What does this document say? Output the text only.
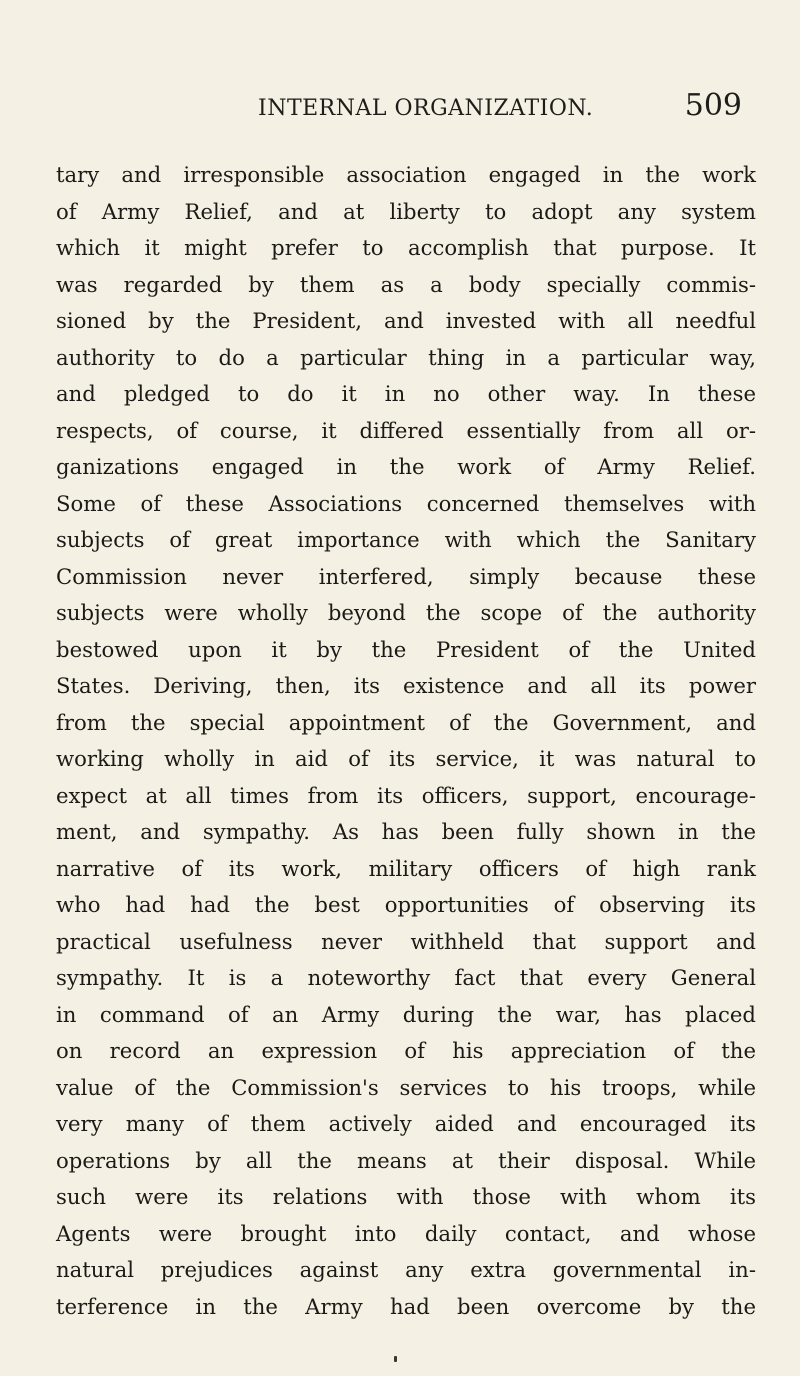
INTERNAL ORGANIZATION.	509
tary and irresponsible association engaged in the work
of Army Relief, and at liberty to adopt any system
which it might prefer to accomplish that purpose. It
was regarded by them as a body specially commis-
sioned by the President, and invested with all needful
authority to do a particular thing in a particular way,
and pledged to do it in no other way. In these
respects, of course, it differed essentially from all or-
ganizations engaged in the work of Army Relief.
Some of these Associations concerned themselves with
subjects of great importance with which the Sanitary
Commission never interfered, simply because these
subjects were wholly beyond the scope of the authority
bestowed upon it by the President of the United
States. Deriving, then, its existence and all its power
from the special appointment of the Government, and
working wholly in aid of its service, it was natural to
expect at all times from its officers, support, encourage-
ment, and sympathy. As has been fully shown in the
narrative of its work, military officers of high rank
who had had the best opportunities of observing its
practical usefulness never withheld that support and
sympathy. It is a noteworthy fact that every General
in command of an Army during the war, has placed
on record an expression of his appreciation of the
value of the Commission's services to his troops, while
very many of them actively aided and encouraged its
operations by all the means at their disposal. While
such were its relations with those with whom its
Agents were brought into daily contact, and whose
natural prejudices against any extra governmental in-
terference in the Army had been overcome by the
